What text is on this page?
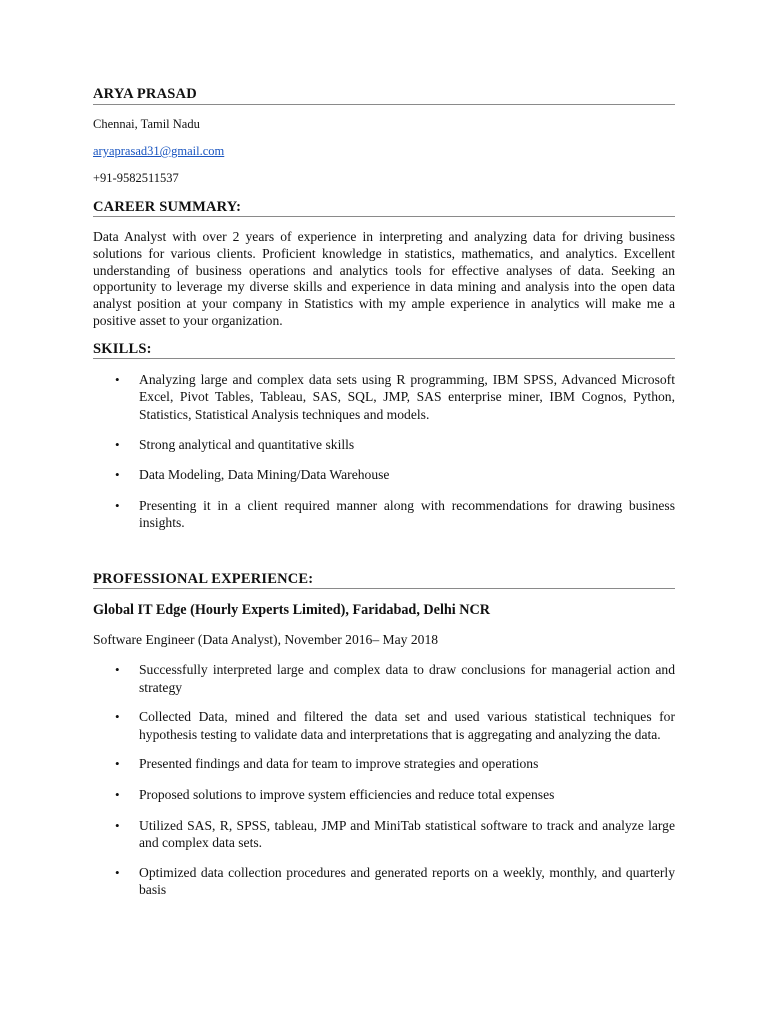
ARYA PRASAD

Chennai, Tamil Nadu

aryaprasad31@gmail.com

+91-9582511537

CAREER SUMMARY:

Data Analyst with over 2 years of experience in interpreting and analyzing data for driving business solutions for various clients. Proficient knowledge in statistics, mathematics, and analytics. Excellent understanding of business operations and analytics tools for effective analyses of data. Seeking an opportunity to leverage my diverse skills and experience in data mining and analysis into the open data analyst position at your company in Statistics with my ample experience in analytics will make me a positive asset to your organization.

SKILLS:

• Analyzing large and complex data sets using R programming, IBM SPSS, Advanced Microsoft Excel, Pivot Tables, Tableau, SAS, SQL, JMP, SAS enterprise miner, IBM Cognos, Python, Statistics, Statistical Analysis techniques and models.
• Strong analytical and quantitative skills
• Data Modeling, Data Mining/Data Warehouse
• Presenting it in a client required manner along with recommendations for drawing business insights.

PROFESSIONAL EXPERIENCE:

Global IT Edge (Hourly Experts Limited), Faridabad, Delhi NCR

Software Engineer (Data Analyst), November 2016– May 2018

• Successfully interpreted large and complex data to draw conclusions for managerial action and strategy
• Collected Data, mined and filtered the data set and used various statistical techniques for hypothesis testing to validate data and interpretations that is aggregating and analyzing the data.
• Presented findings and data for team to improve strategies and operations
• Proposed solutions to improve system efficiencies and reduce total expenses
• Utilized SAS, R, SPSS, tableau, JMP and MiniTab statistical software to track and analyze large and complex data sets.
• Optimized data collection procedures and generated reports on a weekly, monthly, and quarterly basis
